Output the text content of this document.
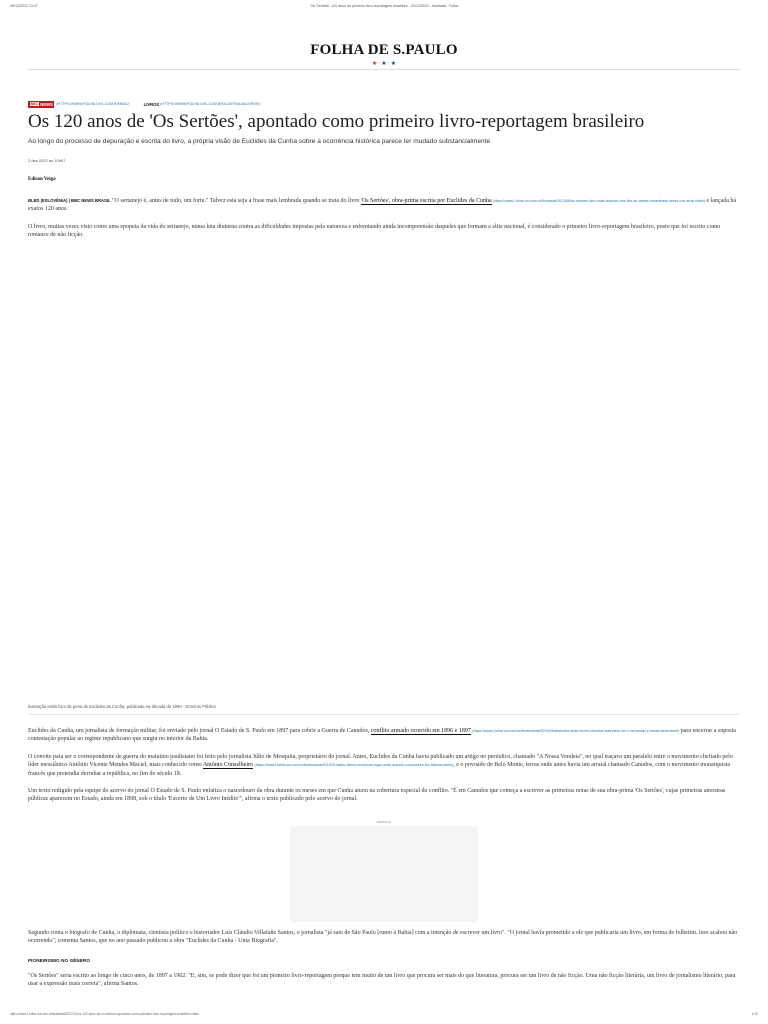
05/12/2022 13:47	'Os Sertões': 120 anos do primeiro livro-reportagem brasileiro - 02/12/2022 - Ilustrada - Folha
FOLHA DE S.PAULO
★ ★ ★
BBC NEWS (HTTPS://WWW.FOLHA.UOL.COM.BR/BBC/)	LIVROS (HTTPS://WWW.FOLHA.UOL.COM.BR/ILUSTRADA/LIVROS/)
Os 120 anos de 'Os Sertões', apontado como primeiro livro-reportagem brasileiro

Ao longo do processo de depuração e escrita do livro, a própria visão de Euclides da Cunha sobre a ocorrência histórica parece ter mudado substancialmente

2.dez.2022 às 10h57
Edison Veiga

BLED (ESLOVÊNIA) | BBC NEWS BRASIL "O sertanejo é, antes de tudo, um forte." Talvez esta seja a frase mais lembrada quando se trata do livro 'Os Sertões', obra-prima escrita por Euclides da Cunha (https://www1.folha.uol.com.br/ilustrada/2021/08/os-sertoes-livro-mais-classico-dos-fios-de-arame-nossofosse-ainda-nos-atual.shtml) e lançada há exatos 120 anos.

O livro, muitas vezes visto como uma epopeia da vida do sertanejo, numa luta diuturna contra as dificuldades impostas pela natureza e enfrentando ainda incompreensão daqueles que formam a elite nacional, é considerado o primeiro livro-reportagem brasileiro, posto que foi escrito como romance de não ficção.

Ilustração estilo bico de pena de Euclides da Cunha, publicada na década de 1890 - Domínio Público

Euclides da Cunha, um jornalista de formação militar, foi enviado pelo jornal O Estado de S. Paulo em 1897 para cobrir a Guerra de Canudos, conflito armado ocorrido em 1896 e 1897 (https://www1.folha.uol.com.br/ilustrissima/2019/09/destruida-duas-vezes-canudos-sobrevive-em-o-sertanejo-e-nossa-alma.shtml) para encerrar a suposta contestação popular ao regime republicano que surgiu no interior da Bahia.

O convite para ser o correspondente de guerra do matutino paulistano foi feito pelo jornalista Júlio de Mesquita, proprietário do jornal. Antes, Euclides da Cunha havia publicado um artigo no periódico, chamado "A Nossa Vendeia", no qual traçava um paralelo entre o movimento chefiado pelo líder messiânico Antônio Vicente Mendes Maciel, mais conhecido como Antônio Conselheiro (https://www1.folha.uol.com.br/ilustrissima/2019/01/canto-divino-revolucao-lugar-onde-antonio-conselheiro-fez-historia.shtml), e o povoado de Belo Monte, terras onde antes havia um arraial chamado Canudos, com o movimento monarquista francês que pretendia derrubar a república, no fim do século 18.

Um texto redigido pela equipe do acervo do jornal O Estado de S. Paulo enfatiza o nascedouro da obra durante os meses em que Cunha atuou na cobertura especial do conflito. "É em Canudos que começa a escrever as primeiras notas de sua obra-prima 'Os Sertões', cujas primeiras amostras públicas aparecem no Estado, ainda em 1898, sob o título 'Excerto de Um Livro Inédito'", afirma o texto publicado pelo acervo do jornal.

ANÚNCIO

Segundo conta o biógrafo de Cunha, o diplomata, cientista político e historiador Luís Cláudio Villafañe Santos, o jornalista "já saiu de São Paulo [rumo à Bahia] com a intenção de escrever um livro". "O jornal havia prometido a ele que publicaria um livro, em forma de folhetim. Isso acabou não ocorrendo", comenta Santos, que no ano passado publicou a obra "Euclides da Cunha - Uma Biografia".

PIONEIRISMO NO GÊNERO

"Os Sertões" seria escrito ao longo de cinco anos, de 1897 a 1902. "E, sim, se pode dizer que foi um pioneiro livro-reportagem porque tem muito de um livro que procura ser mais do que literatura, procura ser um livro de não ficção. Uma não ficção literária, um livro de jornalismo literário, para usar a expressão mais correta", afirma Santos.

https://www1.folha.uol.com.br/ilustrada/2022/12/os-120-anos-de-os-sertoes-apontado-como-primeiro-livro-reportagem-brasileiro.shtml	1/10
